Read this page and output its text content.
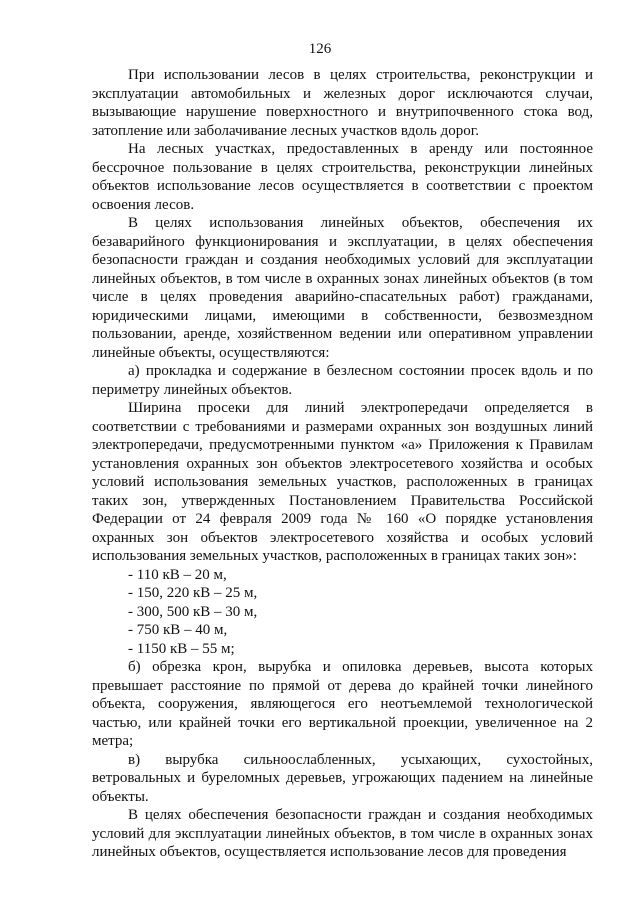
126

При использовании лесов в целях строительства, реконструкции и эксплуатации автомобильных и железных дорог исключаются случаи, вызывающие нарушение поверхностного и внутрипочвенного стока вод, затопление или заболачивание лесных участков вдоль дорог.

На лесных участках, предоставленных в аренду или постоянное бессрочное пользование в целях строительства, реконструкции линейных объектов использование лесов осуществляется в соответствии с проектом освоения лесов.

В целях использования линейных объектов, обеспечения их безаварийного функционирования и эксплуатации, в целях обеспечения безопасности граждан и создания необходимых условий для эксплуатации линейных объектов, в том числе в охранных зонах линейных объектов (в том числе в целях проведения аварийно-спасательных работ) гражданами, юридическими лицами, имеющими в собственности, безвозмездном пользовании, аренде, хозяйственном ведении или оперативном управлении линейные объекты, осуществляются:

а) прокладка и содержание в безлесном состоянии просек вдоль и по периметру линейных объектов.

Ширина просеки для линий электропередачи определяется в соответствии с требованиями и размерами охранных зон воздушных линий электропередачи, предусмотренными пунктом «а» Приложения к Правилам установления охранных зон объектов электросетевого хозяйства и особых условий использования земельных участков, расположенных в границах таких зон, утвержденных Постановлением Правительства Российской Федерации от 24 февраля 2009 года № 160 «О порядке установления охранных зон объектов электросетевого хозяйства и особых условий использования земельных участков, расположенных в границах таких зон»:

- 110 кВ – 20 м,
- 150, 220 кВ – 25 м,
- 300, 500 кВ – 30 м,
- 750 кВ – 40 м,
- 1150 кВ – 55 м;

б) обрезка крон, вырубка и опиловка деревьев, высота которых превышает расстояние по прямой от дерева до крайней точки линейного объекта, сооружения, являющегося его неотъемлемой технологической частью, или крайней точки его вертикальной проекции, увеличенное на 2 метра;

в) вырубка сильноослабленных, усыхающих, сухостойных, ветровальных и буреломных деревьев, угрожающих падением на линейные объекты.

В целях обеспечения безопасности граждан и создания необходимых условий для эксплуатации линейных объектов, в том числе в охранных зонах линейных объектов, осуществляется использование лесов для проведения
